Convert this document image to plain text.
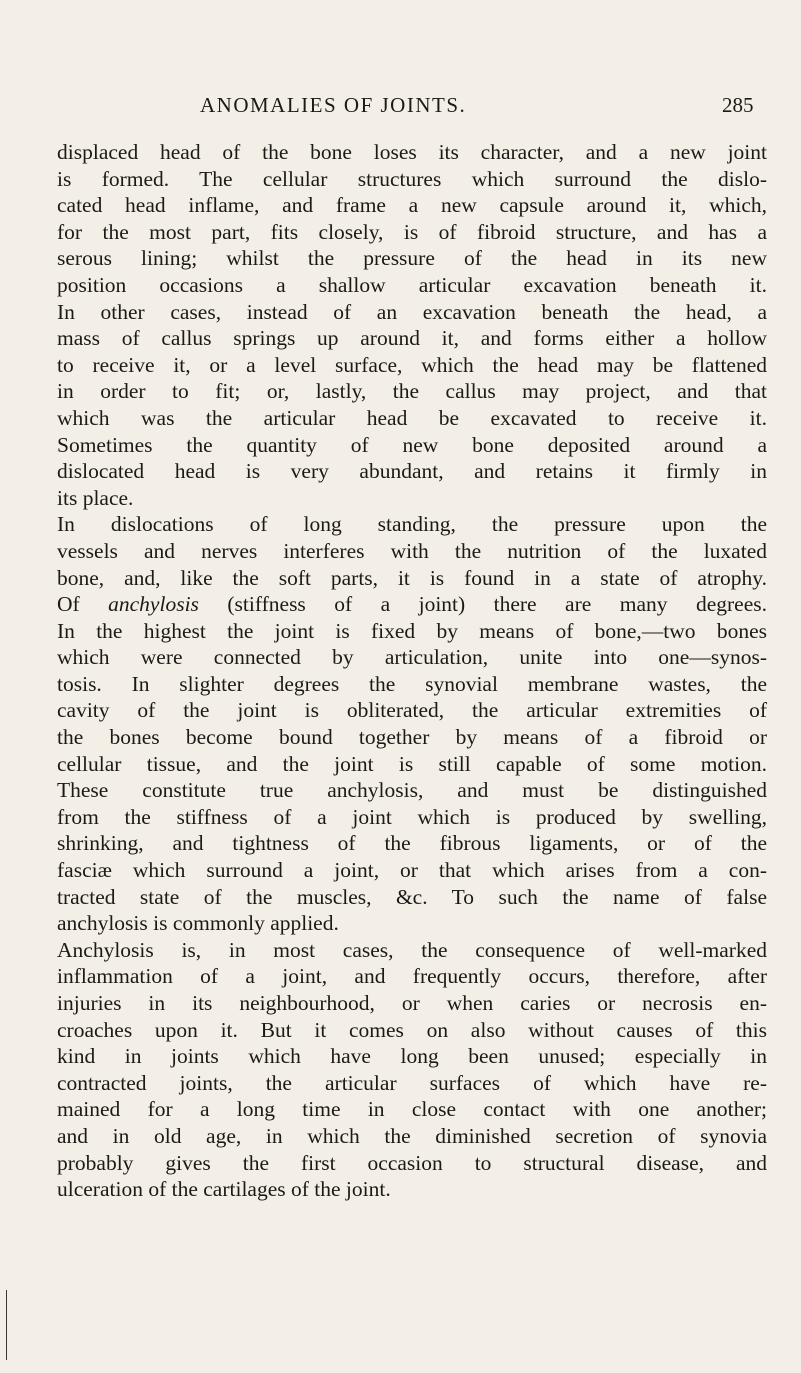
ANOMALIES OF JOINTS.	285
displaced head of the bone loses its character, and a new joint
is formed. The cellular structures which surround the dislo-
cated head inflame, and frame a new capsule around it, which,
for the most part, fits closely, is of fibroid structure, and has a
serous lining; whilst the pressure of the head in its new
position occasions a shallow articular excavation beneath it.
In other cases, instead of an excavation beneath the head, a
mass of callus springs up around it, and forms either a hollow
to receive it, or a level surface, which the head may be flattened
in order to fit; or, lastly, the callus may project, and that
which was the articular head be excavated to receive it.
Sometimes the quantity of new bone deposited around a
dislocated head is very abundant, and retains it firmly in
its place.
In dislocations of long standing, the pressure upon the
vessels and nerves interferes with the nutrition of the luxated
bone, and, like the soft parts, it is found in a state of atrophy.
Of anchylosis (stiffness of a joint) there are many degrees.
In the highest the joint is fixed by means of bone,—two bones
which were connected by articulation, unite into one—synos-
tosis. In slighter degrees the synovial membrane wastes, the
cavity of the joint is obliterated, the articular extremities of
the bones become bound together by means of a fibroid or
cellular tissue, and the joint is still capable of some motion.
These constitute true anchylosis, and must be distinguished
from the stiffness of a joint which is produced by swelling,
shrinking, and tightness of the fibrous ligaments, or of the
fasciæ which surround a joint, or that which arises from a con-
tracted state of the muscles, &c. To such the name of false
anchylosis is commonly applied.
Anchylosis is, in most cases, the consequence of well-marked
inflammation of a joint, and frequently occurs, therefore, after
injuries in its neighbourhood, or when caries or necrosis en-
croaches upon it. But it comes on also without causes of this
kind in joints which have long been unused; especially in
contracted joints, the articular surfaces of which have re-
mained for a long time in close contact with one another;
and in old age, in which the diminished secretion of synovia
probably gives the first occasion to structural disease, and
ulceration of the cartilages of the joint.
